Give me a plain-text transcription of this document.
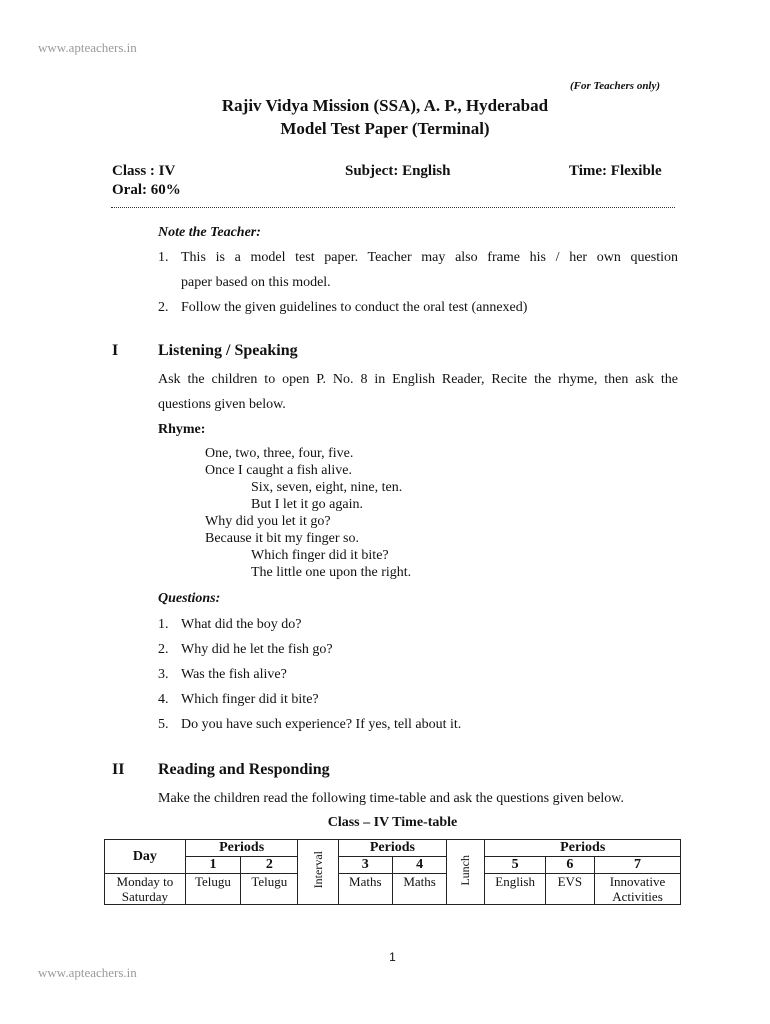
www.apteachers.in
www.apteachers.in
(For Teachers only)
Rajiv Vidya Mission (SSA), A. P., Hyderabad
Model Test Paper (Terminal)
Class : IV	Subject: English	Time: Flexible
Oral: 60%
Note the Teacher:
1. This is a model test paper. Teacher may also frame his / her own question
paper based on this model.
2. Follow the given guidelines to conduct the oral test (annexed)
I Listening / Speaking
Ask the children to open P. No. 8 in English Reader, Recite the rhyme, then ask the
questions given below.
Rhyme:
One, two, three, four, five.
Once I caught a fish alive.
Six, seven, eight, nine, ten.
But I let it go again.
Why did you let it go?
Because it bit my finger so.
Which finger did it bite?
The little one upon the right.
Questions:
1. What did the boy do?
2. Why did he let the fish go?
3. Was the fish alive?
4. Which finger did it bite?
5. Do you have such experience? If yes, tell about it.
II Reading and Responding
Make the children read the following time-table and ask the questions given below.
Class – IV Time-table
Day	Periods		Interval	Periods		Lunch	Periods		
	1	2		3	4		5	6	7
Monday to Saturday	Telugu	Telugu		Maths	Maths		English	EVS	Innovative Activities
1
